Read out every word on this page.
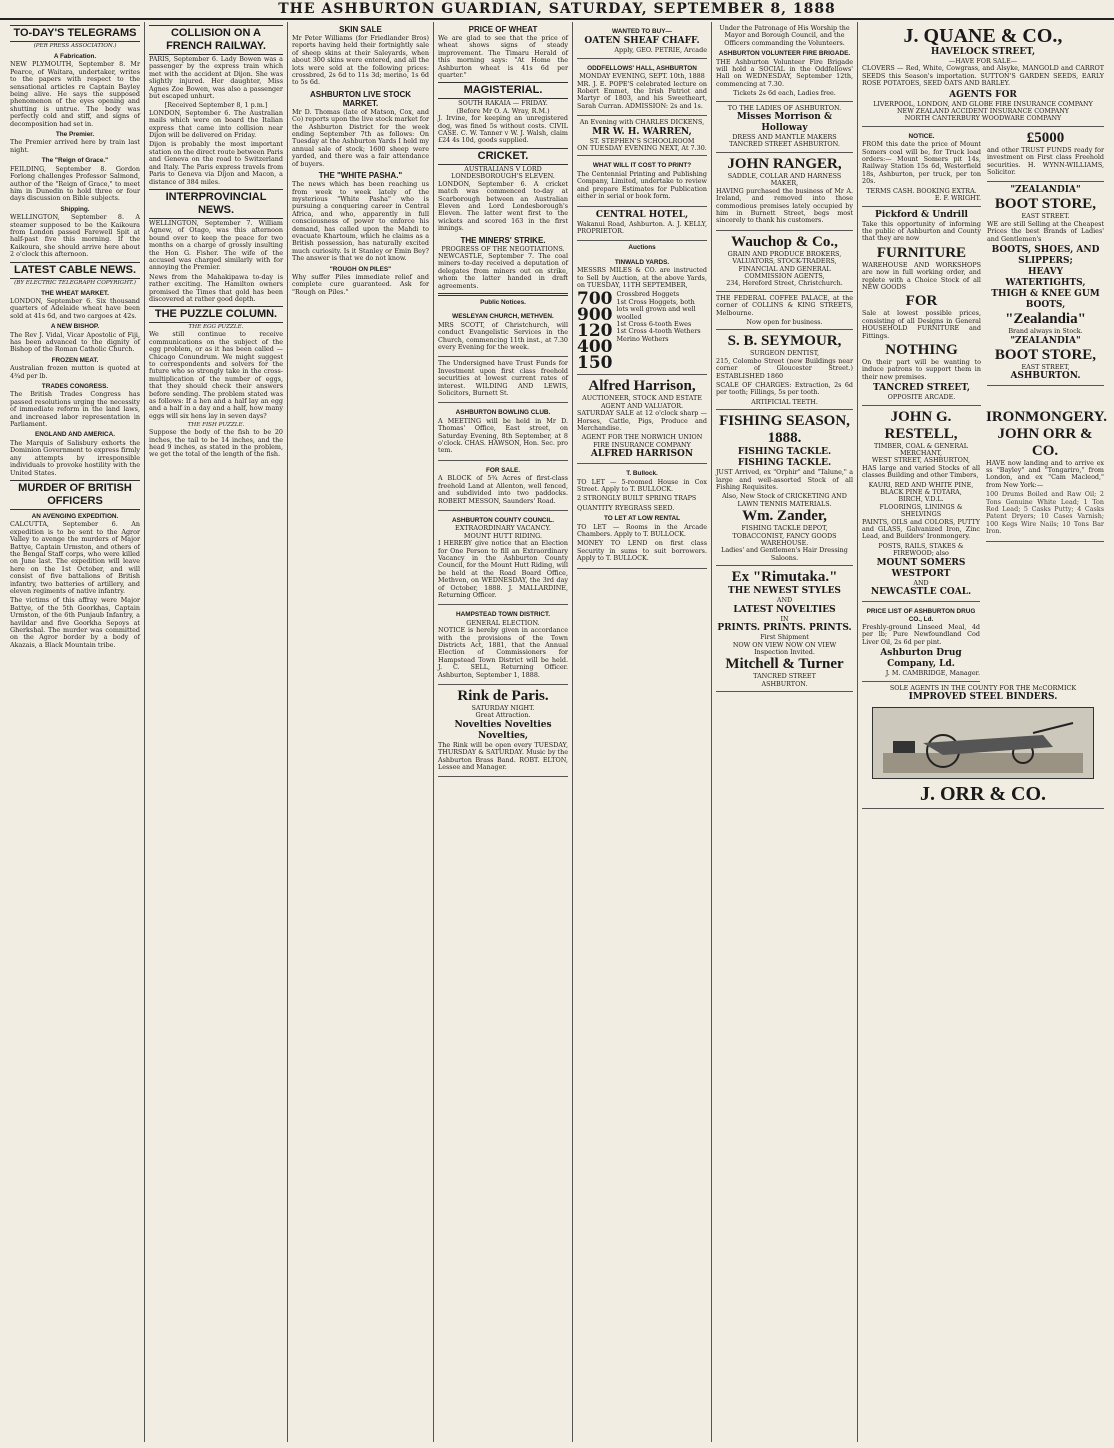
THE ASHBURTON GUARDIAN, SATURDAY, SEPTEMBER 8, 1888
TO-DAY'S TELEGRAMS
(PER PRESS ASSOCIATION.)
A Fabrication.

NEW PLYMOUTH, September 8. Mr Pearce, of Waitara, undertaker, writes to the papers with respect to the sensational articles re Captain Bayley being alive. He says the supposed phenomenon of the eyes opening and shutting is untrue. The body was perfectly cold and stiff, and signs of decomposition had set in.

The Premier.

The Premier arrived here by train last night.

The "Reign of Grace."

FEILDING, September 8. Gordon Forlong challenges Professor Salmond, author of the "Reign of Grace," to meet him in Dunedin to hold three or four days discussion on Bible subjects.

Shipping.

WELLINGTON, September 8. A steamer supposed to be the Kaikoura from London passed Farewell Spit at half-past five this morning. If the Kaikoura, she should arrive here about 2 o'clock this afternoon.

LATEST CABLE NEWS.
(BY ELECTRIC TELEGRAPH COPYRIGHT.)
THE WHEAT MARKET.

LONDON, September 6. Six thousand quarters of Adelaide wheat have been sold at 41s 6d, and two cargoes at 42s.

A NEW BISHOP.

The Rev J. Vidal, Vicar Apostolic of Fiji, has been advanced to the dignity of Bishop of the Roman Catholic Church.

FROZEN MEAT.

Australian frozen mutton is quoted at 4¾d per lb.

TRADES CONGRESS.

The British Trades Congress has passed resolutions urging the necessity of immediate reform in the land laws, and increased labor representation in Parliament.

ENGLAND AND AMERICA.

The Marquis of Salisbury exhorts the Dominion Government to express firmly any attempts by irresponsible individuals to provoke hostility with the United States.

MURDER OF BRITISH OFFICERS
AN AVENGING EXPEDITION.

CALCUTTA, September 6. An expedition is to be sent to the Agror Valley to avenge the murders of Major Battye, Captain Urmston, and others of the Bengal Staff corps, who were killed on June last. The expedition will leave here on the 1st October, and will consist of five battalions of British infantry, two batteries of artillery, and eleven regiments of native infantry.

The victims of this affray were Major Battye, of the 5th Goorkhas, Captain Urmston, of the 6th Punjaub Infantry, a havildar and five Goorkha Sepoys at Gherkshal. The murder was committed on the Agror border by a body of Akazais, a Black Mountain tribe.

COLLISION ON A FRENCH RAILWAY.

PARIS, September 6. Lady Bowen was a passenger by the express train which met with the accident at Dijon. She was slightly injured. Her daughter, Miss Agnes Zoe Bowen, was also a passenger but escaped unhurt.

[Received September 8, 1 p.m.]

LONDON, September 6. The Australian mails which were on board the Italian express that came into collision near Dijon will be delivered on Friday.

Dijon is probably the most important station on the direct route between Paris and Geneva on the road to Switzerland and Italy. The Paris express travels from Paris to Geneva via Dijon and Macon, a distance of 384 miles.

INTERPROVINCIAL NEWS.

WELLINGTON, September 7. William Agnew, of Otago, was this afternoon bound over to keep the peace for two months on a charge of grossly insulting the Hon G. Fisher. The wife of the accused was charged similarly with for annoying the Premier.

News from the Mahakipawa to-day is rather exciting. The Hamilton owners promised the Times that gold has been discovered at rather good depth.

THE PUZZLE COLUMN.
THE EGG PUZZLE.

We still continue to receive communications on the subject of the egg problem, or as it has been called — Chicago Conundrum. We might suggest to correspondents and solvers for the future who so strongly take in the cross-multiplication of the number of eggs, that they should check their answers before sending. The problem stated was as follows: If a hen and a half lay an egg and a half in a day and a half, how many eggs will six hens lay in seven days?

THE FISH PUZZLE.

Suppose the body of the fish to be 20 inches, the tail to be 14 inches, and the head 9 inches, as stated in the problem, we get the total of the length of the fish.

SKIN SALE

Mr Peter Williams (for Friedlander Bros) reports having held their fortnightly sale of sheep skins at their Saleyards, when about 300 skins were entered, and all the lots were sold at the following prices: crossbred, 2s 6d to 11s 3d; merino, 1s 6d to 5s 6d.

ASHBURTON LIVE STOCK MARKET.

Mr D. Thomas (late of Matson, Cox, and Co) reports upon the live stock market for the Ashburton District for the week ending September 7th as follows: On Tuesday at the Ashburton Yards I held my annual sale of stock; 1600 sheep were yarded, and there was a fair attendance of buyers.

THE "WHITE PASHA."

The news which has been reaching us from week to week lately of the mysterious "White Pasha" who is pursuing a conquering career in Central Africa, and who, apparently in full consciousness of power to enforce his demand, has called upon the Mahdi to evacuate Khartoum, which he claims as a British possession, has naturally excited much curiosity. Is it Stanley or Emin Bey? The answer is that we do not know.

"ROUGH ON PILES"

Why suffer Piles immediate relief and complete cure guaranteed. Ask for "Rough on Piles."

PRICE OF WHEAT

We are glad to see that the price of wheat shows signs of steady improvement. The Timaru Herald of this morning says: "At Home the Ashburton wheat is 41s 6d per quarter."

MAGISTERIAL.
SOUTH RAKAIA — FRIDAY.
(Before Mr O. A. Wray, R.M.)

J. Irvine, for keeping an unregistered dog, was fined 5s without costs. CIVIL CASE. C. W. Tanner v W. J. Walsh, claim £24 4s 10d, goods supplied.

CRICKET.
AUSTRALIANS V LORD LONDESBOROUGH'S ELEVEN.

LONDON, September 6. A cricket match was commenced to-day at Scarborough between an Australian Eleven and Lord Londesborough's Eleven. The latter went first to the wickets and scored 163 in the first innings.

THE MINERS' STRIKE.
PROGRESS OF THE NEGOTIATIONS.

NEWCASTLE, September 7. The coal miners to-day received a deputation of delegates from miners out on strike, whom the latter handed in draft agreements.

Public Notices.
WESLEYAN CHURCH, METHVEN.

MRS SCOTT, of Christchurch, will conduct Evangelistic Services in the Church, commencing 11th inst., at 7.30 every Evening for the week.

The Undersigned have Trust Funds for Investment upon first class freehold securities at lowest current rates of interest. WILDING AND LEWIS, Solicitors, Burnett St.

ASHBURTON BOWLING CLUB.

A MEETING will be held in Mr D. Thomas' Office, East street, on Saturday Evening, 8th September, at 8 o'clock. CHAS. HAWSON, Hon. Sec. pro tem.

FOR SALE.

A BLOCK of 5¾ Acres of first-class freehold Land at Allenton, well fenced, and subdivided into two paddocks. ROBERT MESSON, Saunders' Road.

ASHBURTON COUNTY COUNCIL.
EXTRAORDINARY VACANCY.
MOUNT HUTT RIDING.

I HEREBY give notice that an Election for One Person to fill an Extraordinary Vacancy in the Ashburton County Council, for the Mount Hutt Riding, will be held at the Road Board Office, Methven, on WEDNESDAY, the 3rd day of October, 1888. J. MALLARDINE, Returning Officer.

HAMPSTEAD TOWN DISTRICT.
GENERAL ELECTION.

NOTICE is hereby given in accordance with the provisions of the Town Districts Act, 1881, that the Annual Election of Commissioners for Hampstead Town District will be held. J. C. SELL, Returning Officer. Ashburton, September 1, 1888.

Rink de Paris.
SATURDAY NIGHT.
Great Attraction.
Novelties Novelties Novelties,

The Rink will be open every TUESDAY, THURSDAY & SATURDAY. Music by the Ashburton Brass Band. ROBT. ELTON, Lessee and Manager.

WANTED TO BUY—
OATEN SHEAF CHAFF.
Apply, GEO. PETRIE, Arcade
ODDFELLOWS' HALL, ASHBURTON
MONDAY EVENING, SEPT. 10th, 1888

MR. J. E. POPE'S celebrated lecture on Robert Emmet, the Irish Patriot and Martyr of 1803, and his Sweetheart, Sarah Curran. ADMISSION: 2s and 1s.

An Evening with CHARLES DICKENS,
MR W. H. WARREN,
ST. STEPHEN'S SCHOOLROOM
ON TUESDAY EVENING NEXT, At 7.30.
WHAT WILL IT COST TO PRINT?

The Centennial Printing and Publishing Company, Limited, undertake to review and prepare Estimates for Publication either in serial or book form.

CENTRAL HOTEL,

Wakanui Road, Ashburton. A. J. KELLY, PROPRIETOR.

Auctions
TINWALD YARDS.

MESSRS MILES & CO. are instructed to Sell by Auction, at the above Yards, on TUESDAY, 11TH SEPTEMBER,

700
900
120
400
150
Crossbred Hoggets
1st Cross Hoggets, both lots well grown and well woolled
1st Cross 6-tooth Ewes
1st Cross 4-tooth Wethers
Merino Wethers
Alfred Harrison,
AUCTIONEER, STOCK AND ESTATE AGENT AND VALUATOR.

SATURDAY SALE at 12 o'clock sharp — Horses, Cattle, Pigs, Produce and Merchandise.

AGENT FOR THE NORWICH UNION FIRE INSURANCE COMPANY
ALFRED HARRISON
T. Bullock.

TO LET — 5-roomed House in Cox Street. Apply to T. BULLOCK.

2 STRONGLY BUILT SPRING TRAPS

QUANTITY RYEGRASS SEED.

TO LET AT LOW RENTAL

TO LET — Rooms in the Arcade Chambers. Apply to T. BULLOCK.

MONEY TO LEND on first class Security in sums to suit borrowers. Apply to T. BULLOCK.

Under the Patronage of His Worship the Mayor and Borough Council, and the Officers commanding the Volunteers.

ASHBURTON VOLUNTEER FIRE BRIGADE.

THE Ashburton Volunteer Fire Brigade will hold a SOCIAL in the Oddfellows' Hall on WEDNESDAY, September 12th, commencing at 7.30.

Tickets 2s 6d each, Ladies free.
TO THE LADIES OF ASHBURTON.
Misses Morrison & Holloway
DRESS AND MANTLE MAKERS TANCRED STREET ASHBURTON.
JOHN RANGER,
SADDLE, COLLAR AND HARNESS MAKER,

HAVING purchased the business of Mr A. Ireland, and removed into those commodious premises lately occupied by him in Burnett Street, begs most sincerely to thank his customers.

Wauchop & Co.,
GRAIN AND PRODUCE BROKERS, VALUATORS, STOCK-TRADERS, FINANCIAL AND GENERAL COMMISSION AGENTS,
234, Hereford Street, Christchurch.

THE FEDERAL COFFEE PALACE, at the corner of COLLINS & KING STREETS, Melbourne.

Now open for business.
S. B. SEYMOUR,
SURGEON DENTIST,

215, Colombo Street (new Buildings near corner of Gloucester Street.) ESTABLISHED 1860

SCALE OF CHARGES: Extraction, 2s 6d per tooth; Fillings, 5s per tooth.

ARTIFICIAL TEETH.
FISHING SEASON, 1888.
FISHING TACKLE.
FISHING TACKLE.

JUST Arrived, ex "Orphir" and "Talune," a large and well-assorted Stock of all Fishing Requisites.

Also, New Stock of CRICKETING AND LAWN TENNIS MATERIALS.
Wm. Zander,
FISHING TACKLE DEPOT, TOBACCONIST, FANCY GOODS WAREHOUSE.
Ladies' and Gentlemen's Hair Dressing Saloons.
Ex "Rimutaka."
THE NEWEST STYLES
AND
LATEST NOVELTIES
IN
PRINTS. PRINTS. PRINTS.
First Shipment
NOW ON VIEW NOW ON VIEW
Inspection Invited.
Mitchell & Turner
TANCRED STREET
ASHBURTON.
J. QUANE & CO.,
HAVELOCK STREET,
—HAVE FOR SALE—

CLOVERS — Red, White, Cowgrass, and Alsyke, MANGOLD and CARROT SEEDS this Season's importation. SUTTON'S GARDEN SEEDS, EARLY ROSE POTATOES, SEED OATS AND BARLEY.

AGENTS FOR
LIVERPOOL, LONDON, AND GLOBE FIRE INSURANCE COMPANY
NEW ZEALAND ACCIDENT INSURANCE COMPANY
NORTH CANTERBURY WOODWARE COMPANY
NOTICE.

FROM this date the price of Mount Somers coal will be, for Truck load orders:— Mount Somers pit 14s, Railway Station 15s 6d, Westerfield 18s, Ashburton, per truck, per ton 20s.

TERMS CASH. BOOKING EXTRA.
E. F. WRIGHT.
Pickford & Undrill

Take this opportunity of informing the public of Ashburton and County that they are now

FURNITURE

WAREHOUSE AND WORKSHOPS are now in full working order, and replete with a Choice Stock of all NEW GOODS

FOR

Sale at lowest possible prices, consisting of all Designs in General HOUSEHOLD FURNITURE and Fittings.

NOTHING

On their part will be wanting to induce patrons to support them in their new premises.

TANCRED STREET,
OPPOSITE ARCADE.
£5000

and other TRUST FUNDS ready for investment on First class Freehold securities. H. WYNN-WILLIAMS, Solicitor.

"ZEALANDIA"
BOOT STORE,
EAST STREET.

WE are still Selling at the Cheapest Prices the best Brands of Ladies' and Gentlemen's

BOOTS, SHOES, AND SLIPPERS;
HEAVY WATERTIGHTS, THIGH & KNEE GUM BOOTS,
"Zealandia"
Brand always in Stock.
"ZEALANDIA"
BOOT STORE,
EAST STREET,
ASHBURTON.
JOHN G. RESTELL,
TIMBER, COAL & GENERAL MERCHANT,
WEST STREET, ASHBURTON,

HAS large and varied Stocks of all classes Building and other Timbers,

KAURI, RED AND WHITE PINE,
BLACK PINE & TOTARA,
BIRCH, V.D.L.
FLOORINGS, LININGS & SHELVINGS

PAINTS, OILS and COLORS, PUTTY and GLASS, Galvanized Iron, Zinc Lead, and Builders' Ironmongery.

POSTS, RAILS, STAKES & FIREWOOD; also
MOUNT SOMERS
WESTPORT
AND
NEWCASTLE COAL.
PRICE LIST OF ASHBURTON DRUG CO., Ld.

Freshly-ground Linseed Meal, 4d per lb; Pure Newfoundland Cod Liver Oil, 2s 6d per pint.

Ashburton Drug Company, Ld.
J. M. CAMBRIDGE, Manager.
IRONMONGERY.
JOHN ORR & CO.

HAVE now landing and to arrive ex ss "Bayley" and "Tongariro," from London, and ex "Cam Macleod," from New York:—

100 Drums Boiled and Raw Oil; 2 Tons Genuine White Lead; 1 Ton Red Lead; 5 Casks Putty; 4 Casks Patent Dryers; 10 Cases Varnish; 100 Kegs Wire Nails; 10 Tons Bar Iron.

SOLE AGENTS IN THE COUNTY FOR THE McCORMICK
IMPROVED STEEL BINDERS.
J. ORR & CO.
